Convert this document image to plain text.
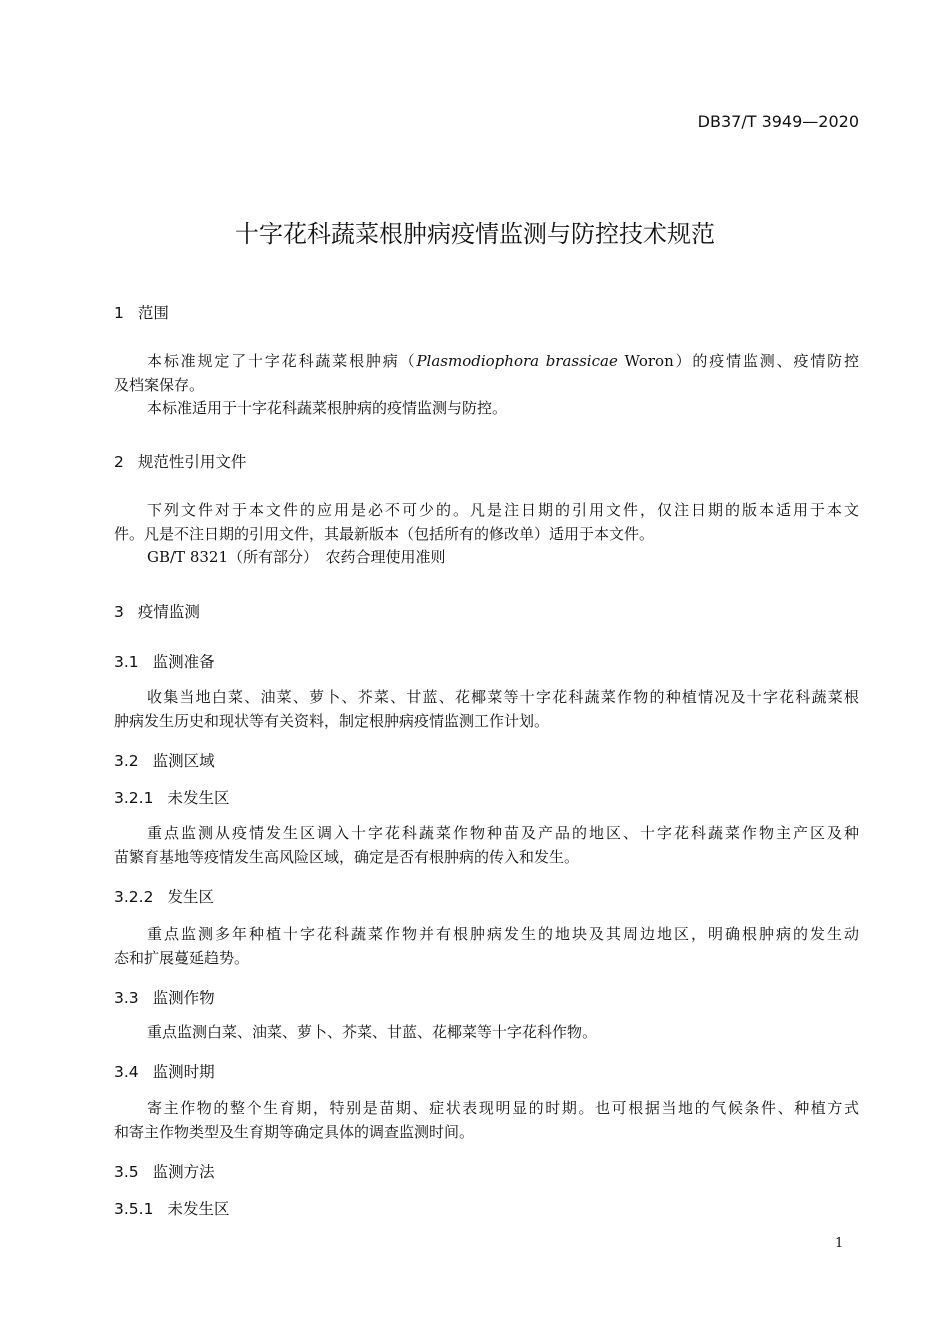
DB37/T 3949—2020
十字花科蔬菜根肿病疫情监测与防控技术规范
1 范围
本标准规定了十字花科蔬菜根肿病（Plasmodiophora brassicae Woron）的疫情监测、疫情防控
及档案保存。
本标准适用于十字花科蔬菜根肿病的疫情监测与防控。
2 规范性引用文件
下列文件对于本文件的应用是必不可少的。凡是注日期的引用文件，仅注日期的版本适用于本文
件。凡是不注日期的引用文件，其最新版本（包括所有的修改单）适用于本文件。
GB/T 8321（所有部分）　农药合理使用准则
3 疫情监测
3.1 监测准备
收集当地白菜、油菜、萝卜、芥菜、甘蓝、花椰菜等十字花科蔬菜作物的种植情况及十字花科蔬菜根
肿病发生历史和现状等有关资料，制定根肿病疫情监测工作计划。
3.2 监测区域
3.2.1 未发生区
重点监测从疫情发生区调入十字花科蔬菜作物种苗及产品的地区、十字花科蔬菜作物主产区及种
苗繁育基地等疫情发生高风险区域，确定是否有根肿病的传入和发生。
3.2.2 发生区
重点监测多年种植十字花科蔬菜作物并有根肿病发生的地块及其周边地区，明确根肿病的发生动
态和扩展蔓延趋势。
3.3 监测作物
重点监测白菜、油菜、萝卜、芥菜、甘蓝、花椰菜等十字花科作物。
3.4 监测时期
寄主作物的整个生育期，特别是苗期、症状表现明显的时期。也可根据当地的气候条件、种植方式
和寄主作物类型及生育期等确定具体的调查监测时间。
3.5 监测方法
3.5.1 未发生区
1
